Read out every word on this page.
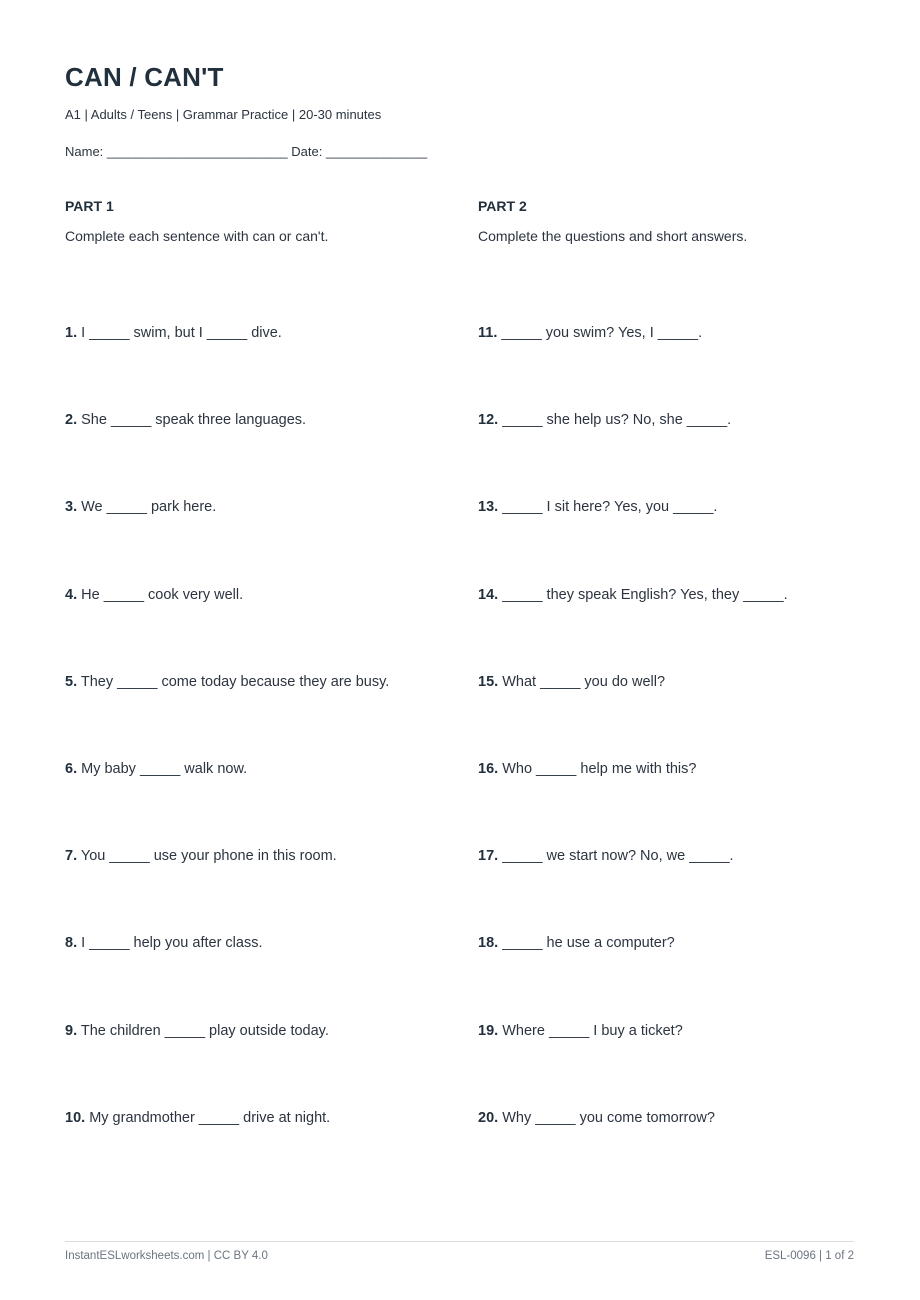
CAN / CAN'T
A1 | Adults / Teens | Grammar Practice | 20-30 minutes
Name: _________________________ Date: ______________
PART 1
Complete each sentence with can or can't.
1. I _____ swim, but I _____ dive.
2. She _____ speak three languages.
3. We _____ park here.
4. He _____ cook very well.
5. They _____ come today because they are busy.
6. My baby _____ walk now.
7. You _____ use your phone in this room.
8. I _____ help you after class.
9. The children _____ play outside today.
10. My grandmother _____ drive at night.
PART 2
Complete the questions and short answers.
11. _____ you swim? Yes, I _____.
12. _____ she help us? No, she _____.
13. _____ I sit here? Yes, you _____.
14. _____ they speak English? Yes, they _____.
15. What _____ you do well?
16. Who _____ help me with this?
17. _____ we start now? No, we _____.
18. _____ he use a computer?
19. Where _____ I buy a ticket?
20. Why _____ you come tomorrow?
InstantESLworksheets.com | CC BY 4.0	ESL-0096 | 1 of 2
